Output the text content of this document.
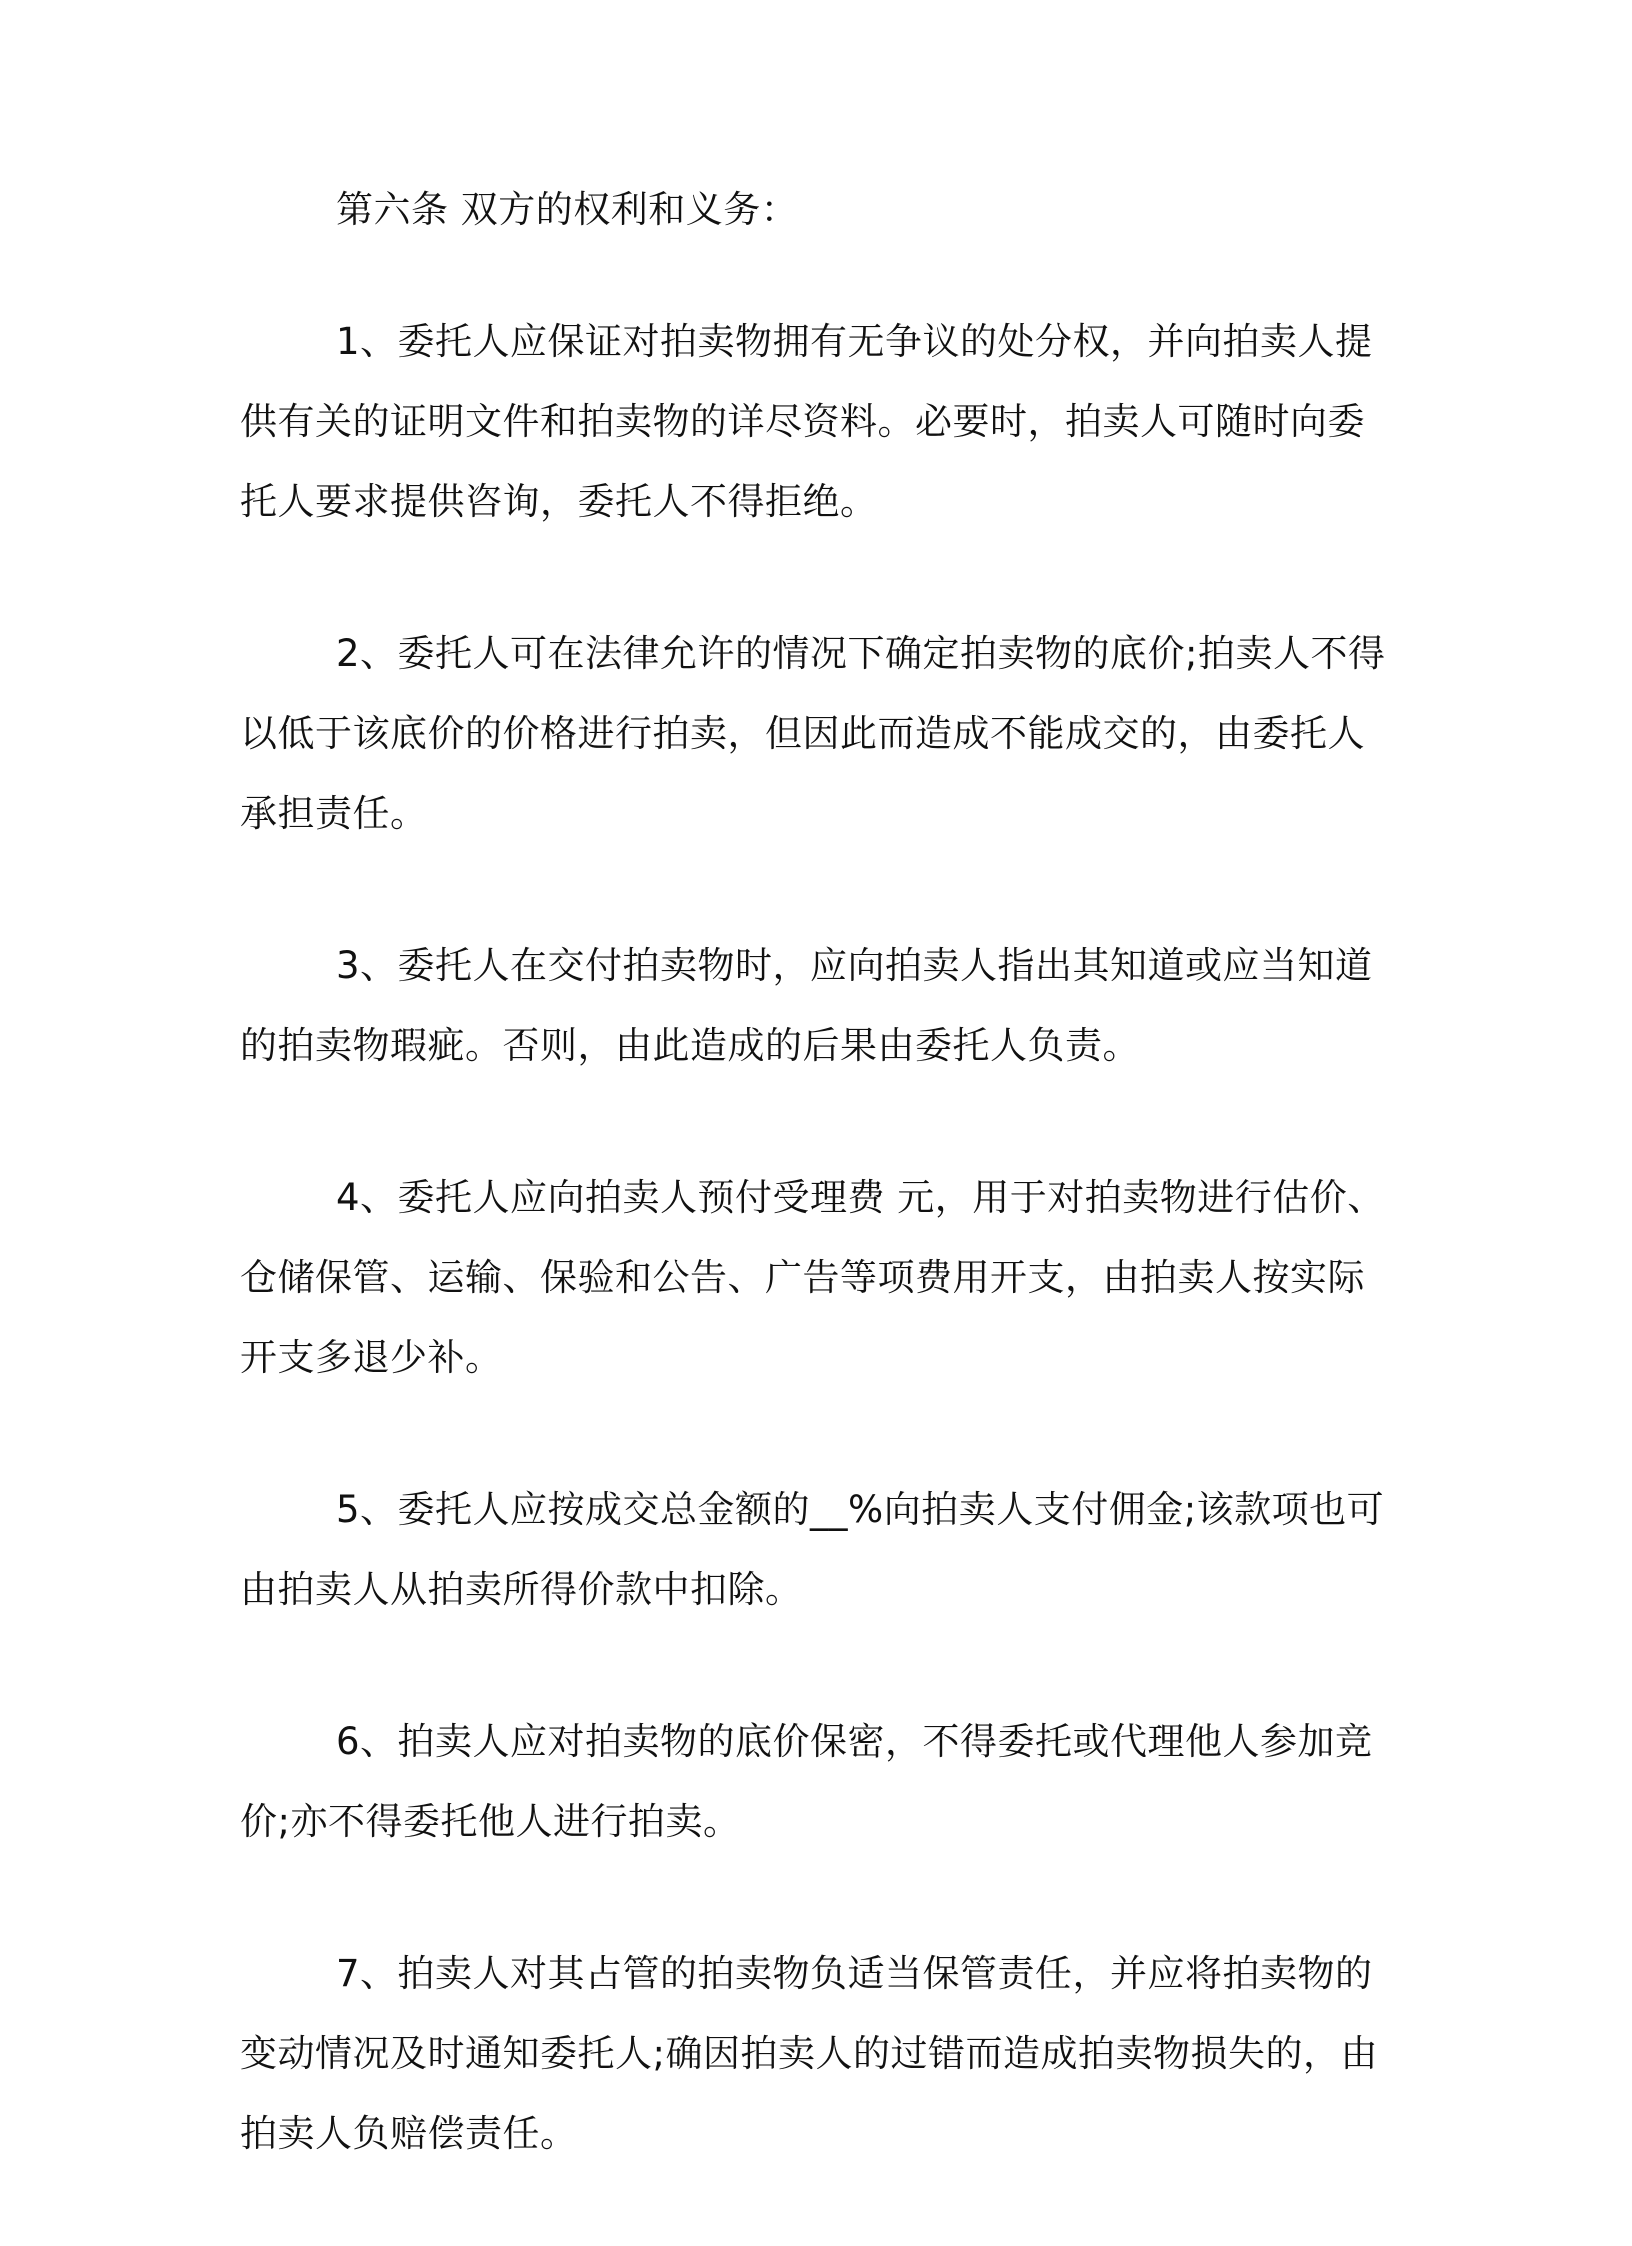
第六条 双方的权利和义务：
1、委托人应保证对拍卖物拥有无争议的处分权，并向拍卖人提
供有关的证明文件和拍卖物的详尽资料。必要时，拍卖人可随时向委
托人要求提供咨询，委托人不得拒绝。
2、委托人可在法律允许的情况下确定拍卖物的底价;拍卖人不得
以低于该底价的价格进行拍卖，但因此而造成不能成交的，由委托人
承担责任。
3、委托人在交付拍卖物时，应向拍卖人指出其知道或应当知道
的拍卖物瑕疵。否则，由此造成的后果由委托人负责。
4、委托人应向拍卖人预付受理费 元，用于对拍卖物进行估价、
仓储保管、运输、保验和公告、广告等项费用开支，由拍卖人按实际
开支多退少补。
5、委托人应按成交总金额的__%向拍卖人支付佣金;该款项也可
由拍卖人从拍卖所得价款中扣除。
6、拍卖人应对拍卖物的底价保密，不得委托或代理他人参加竞
价;亦不得委托他人进行拍卖。
7、拍卖人对其占管的拍卖物负适当保管责任，并应将拍卖物的
变动情况及时通知委托人;确因拍卖人的过错而造成拍卖物损失的，由
拍卖人负赔偿责任。
